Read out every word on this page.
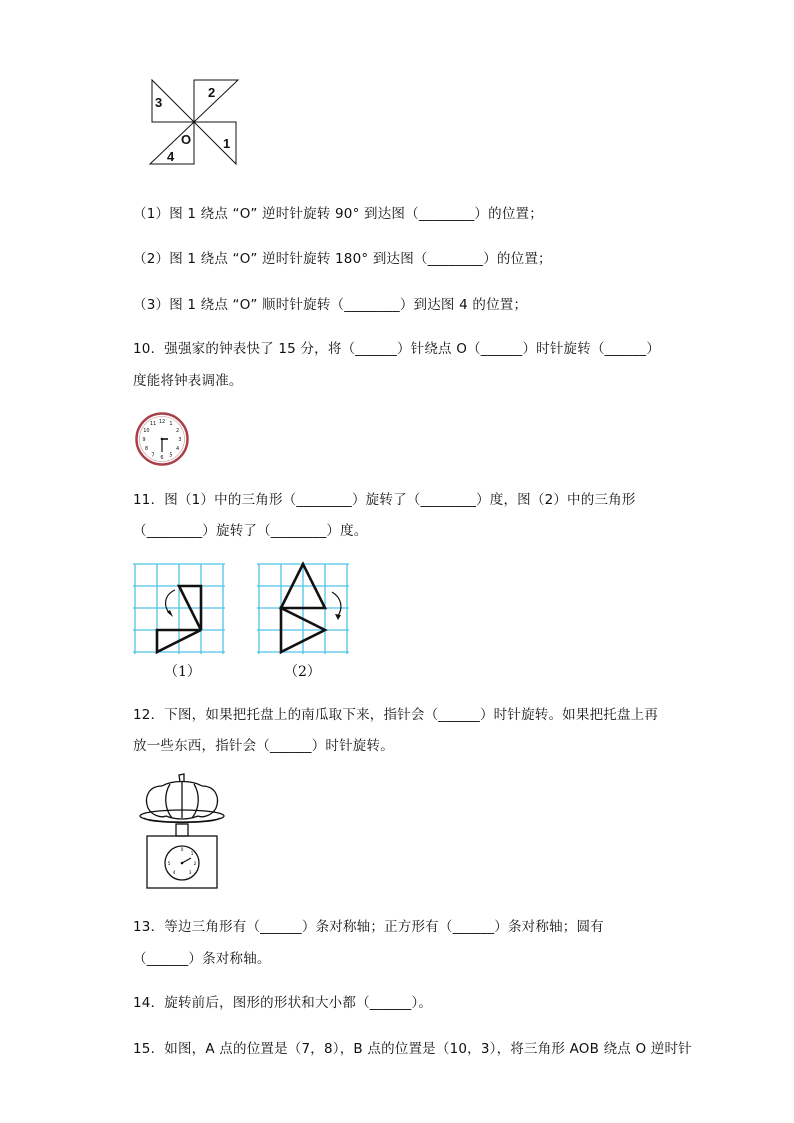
2
3
O
4
1
（1）图 1 绕点 “O” 逆时针旋转 90° 到达图（________）的位置；
（2）图 1 绕点 “O” 逆时针旋转 180° 到达图（________）的位置；
（3）图 1 绕点 “O” 顺时针旋转（________）到达图 4 的位置；
10．强强家的钟表快了 15 分，将（______）针绕点 O（______）时针旋转（______）
度能将钟表调准。
12 1
2
3
4
5
6
7
8
9
10
11
11．图（1）中的三角形（________）旋转了（________）度，图（2）中的三角形
（________）旋转了（________）度。
（1）	（2）
12．下图，如果把托盘上的南瓜取下来，指针会（______）时针旋转。如果把托盘上再
放一些东西，指针会（______）时针旋转。
0
1
2
3
4
5
13．等边三角形有（______）条对称轴；正方形有（______）条对称轴；圆有
（______）条对称轴。
14．旋转前后，图形的形状和大小都（______）。
15．如图，A 点的位置是（7，8），B 点的位置是（10，3），将三角形 AOB 绕点 O 逆时针
